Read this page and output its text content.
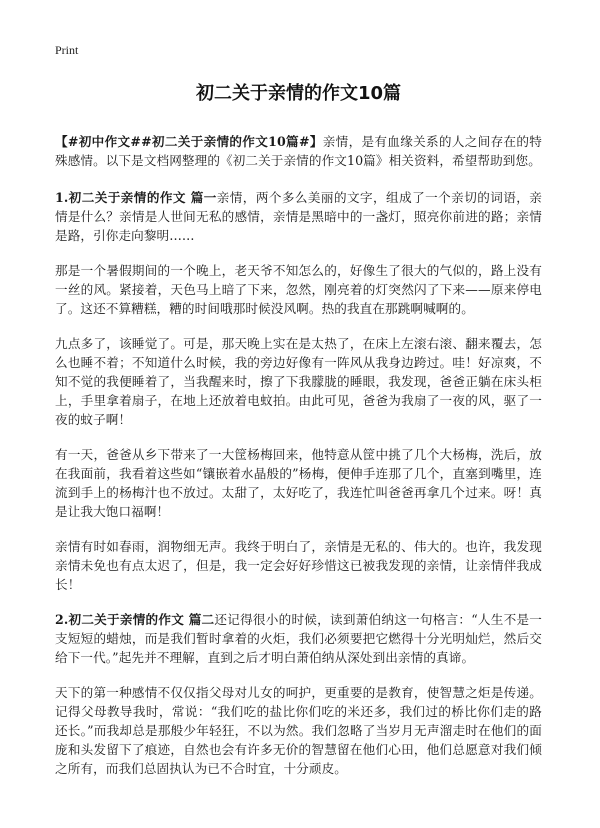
Print
初二关于亲情的作文10篇

【#初中作文##初二关于亲情的作文10篇#】亲情，是有血缘关系的人之间存在的特殊感情。以下是文档网整理的《初二关于亲情的作文10篇》相关资料，希望帮助到您。

1.初二关于亲情的作文 篇一亲情，两个多么美丽的文字，组成了一个亲切的词语，亲情是什么？亲情是人世间无私的感情，亲情是黑暗中的一盏灯，照亮你前进的路；亲情是路，引你走向黎明……

那是一个暑假期间的一个晚上，老天爷不知怎么的，好像生了很大的气似的，路上没有一丝的风。紧接着，天色马上暗了下来，忽然，刚亮着的灯突然闪了下来——原来停电了。这还不算糟糕，糟的时间哦那时候没风啊。热的我直在那跳啊喊啊的。

九点多了，该睡觉了。可是，那天晚上实在是太热了，在床上左滚右滚、翻来覆去，怎么也睡不着；不知道什么时候，我的旁边好像有一阵风从我身边跨过。哇！好凉爽，不知不觉的我便睡着了，当我醒来时，擦了下我朦胧的睡眼，我发现，爸爸正躺在床头柜上，手里拿着扇子，在地上还放着电蚊拍。由此可见，爸爸为我扇了一夜的风，驱了一夜的蚊子啊！

有一天，爸爸从乡下带来了一大筐杨梅回来，他特意从筐中挑了几个大杨梅，洗后，放在我面前，我看着这些如“镶嵌着水晶般的”杨梅，便伸手连那了几个，直塞到嘴里，连流到手上的杨梅汁也不放过。太甜了，太好吃了，我连忙叫爸爸再拿几个过来。呀！真是让我大饱口福啊！

亲情有时如春雨，润物细无声。我终于明白了，亲情是无私的、伟大的。也许，我发现亲情未免也有点太迟了，但是，我一定会好好珍惜这已被我发现的亲情，让亲情伴我成长！

2.初二关于亲情的作文 篇二还记得很小的时候，读到萧伯纳这一句格言：“人生不是一支短短的蜡烛，而是我们暂时拿着的火炬，我们必须要把它燃得十分光明灿烂，然后交给下一代。”起先并不理解，直到之后才明白萧伯纳从深处到出亲情的真谛。

天下的第一种感情不仅仅指父母对儿女的呵护，更重要的是教育，使智慧之炬是传递。记得父母教导我时，常说：“我们吃的盐比你们吃的米还多，我们过的桥比你们走的路还长。”而我却总是那般少年轻狂，不以为然。我们忽略了当岁月无声溜走时在他们的面庞和头发留下了痕迹，自然也会有许多无价的智慧留在他们心田，他们总愿意对我们倾之所有，而我们总固执认为已不合时宜，十分顽皮。
